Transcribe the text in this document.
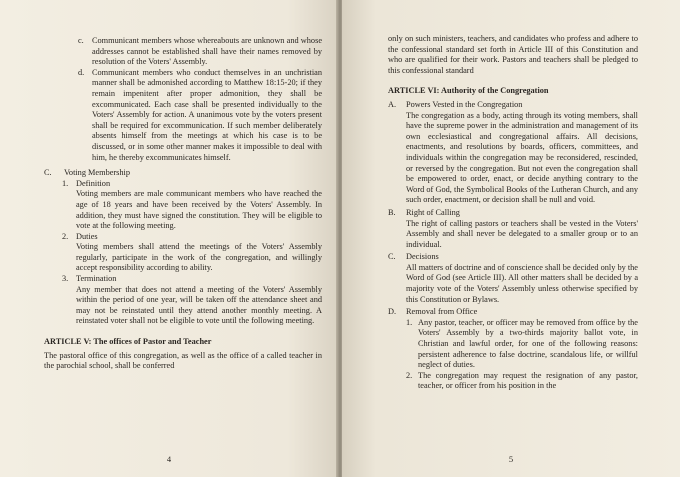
c. Communicant members whose whereabouts are unknown and whose addresses cannot be established shall have their names removed by resolution of the Voters' Assembly.

d. Communicant members who conduct themselves in an unchristian manner shall be admonished according to Matthew 18:15-20; if they remain impenitent after proper admonition, they shall be excommunicated. Each case shall be presented individually to the Voters' Assembly for action. A unanimous vote by the voters present shall be required for excommunication. If such member deliberately absents himself from the meetings at which his case is to be discussed, or in some other manner makes it impossible to deal with him, he thereby excommunicates himself.

C. Voting Membership

1. Definition

Voting members are male communicant members who have reached the age of 18 years and have been received by the Voters' Assembly. In addition, they must have signed the constitution. They will be eligible to vote at the following meeting.

2. Duties

Voting members shall attend the meetings of the Voters' Assembly regularly, participate in the work of the congregation, and willingly accept responsibility according to ability.

3. Termination

Any member that does not attend a meeting of the Voters' Assembly within the period of one year, will be taken off the attendance sheet and may not be reinstated until they attend another monthly meeting. A reinstated voter shall not be eligible to vote until the following meeting.

ARTICLE V: The offices of Pastor and Teacher

The pastoral office of this congregation, as well as the office of a called teacher in the parochial school, shall be conferred

4

only on such ministers, teachers, and candidates who profess and adhere to the confessional standard set forth in Article III of this Constitution and who are qualified for their work. Pastors and teachers shall be pledged to this confessional standard

ARTICLE VI: Authority of the Congregation

A. Powers Vested in the Congregation

The congregation as a body, acting through its voting members, shall have the supreme power in the administration and management of its own ecclesiastical and congregational affairs. All decisions, enactments, and resolutions by boards, officers, committees, and individuals within the congregation may be reconsidered, rescinded, or reversed by the congregation. But not even the congregation shall be empowered to order, enact, or decide anything contrary to the Word of God, the Symbolical Books of the Lutheran Church, and any such order, enactment, or decision shall be null and void.

B. Right of Calling

The right of calling pastors or teachers shall be vested in the Voters' Assembly and shall never be delegated to a smaller group or to an individual.

C. Decisions

All matters of doctrine and of conscience shall be decided only by the Word of God (see Article III). All other matters shall be decided by a majority vote of the Voters' Assembly unless otherwise specified by this Constitution or Bylaws.

D. Removal from Office

1. Any pastor, teacher, or officer may be removed from office by the Voters' Assembly by a two-thirds majority ballot vote, in Christian and lawful order, for one of the following reasons: persistent adherence to false doctrine, scandalous life, or willful neglect of duties.

2. The congregation may request the resignation of any pastor, teacher, or officer from his position in the

5
